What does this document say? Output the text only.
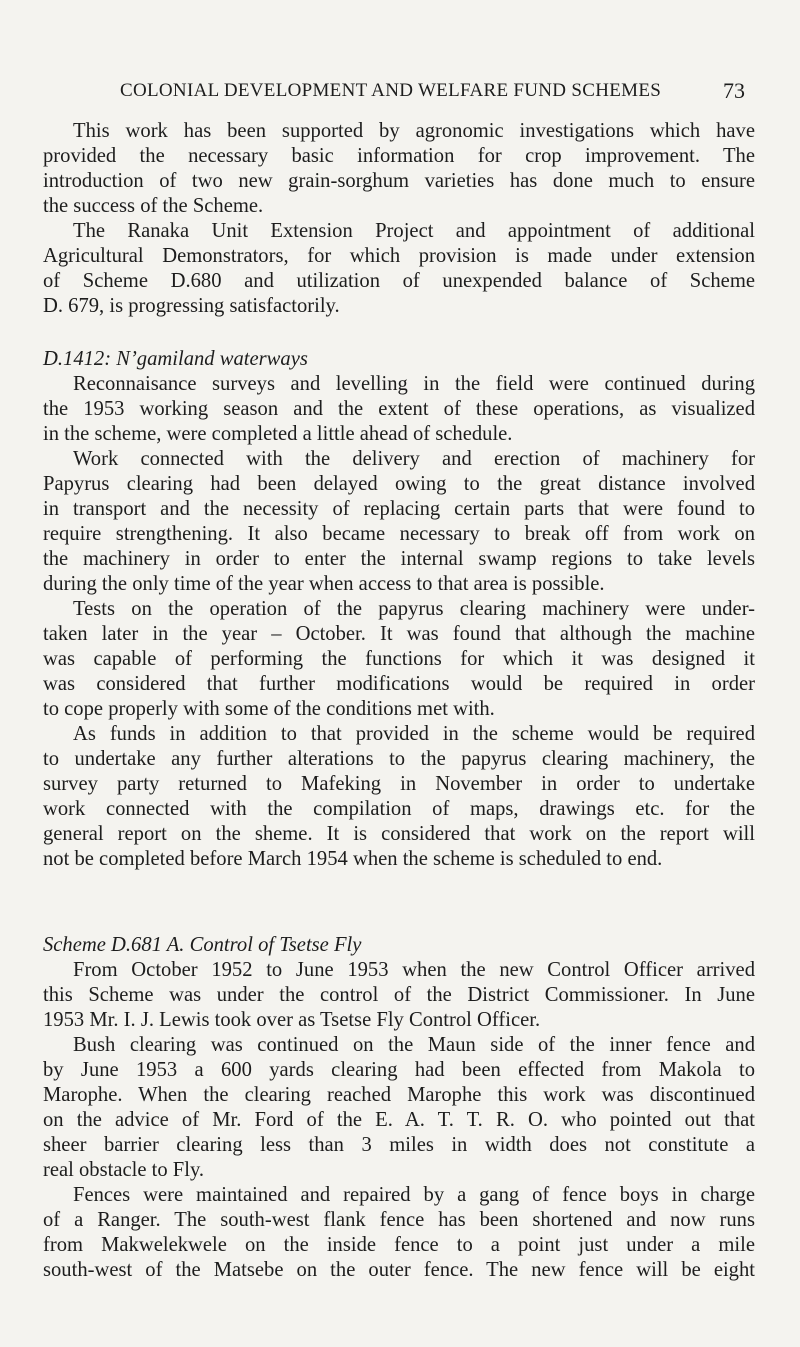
COLONIAL DEVELOPMENT AND WELFARE FUND SCHEMES	73
This work has been supported by agronomic investigations which have
provided the necessary basic information for crop improvement. The
introduction of two new grain-sorghum varieties has done much to ensure
the success of the Scheme.
The Ranaka Unit Extension Project and appointment of additional
Agricultural Demonstrators, for which provision is made under extension
of Scheme D.680 and utilization of unexpended balance of Scheme
D. 679, is progressing satisfactorily.
D.1412: N’gamiland waterways
Reconnaisance surveys and levelling in the field were continued during
the 1953 working season and the extent of these operations, as visualized
in the scheme, were completed a little ahead of schedule.
Work connected with the delivery and erection of machinery for
Papyrus clearing had been delayed owing to the great distance involved
in transport and the necessity of replacing certain parts that were found to
require strengthening. It also became necessary to break off from work on
the machinery in order to enter the internal swamp regions to take levels
during the only time of the year when access to that area is possible.
Tests on the operation of the papyrus clearing machinery were under-
taken later in the year – October. It was found that although the machine
was capable of performing the functions for which it was designed it
was considered that further modifications would be required in order
to cope properly with some of the conditions met with.
As funds in addition to that provided in the scheme would be required
to undertake any further alterations to the papyrus clearing machinery, the
survey party returned to Mafeking in November in order to undertake
work connected with the compilation of maps, drawings etc. for the
general report on the sheme. It is considered that work on the report will
not be completed before March 1954 when the scheme is scheduled to end.
Scheme D.681 A. Control of Tsetse Fly
From October 1952 to June 1953 when the new Control Officer arrived
this Scheme was under the control of the District Commissioner. In June
1953 Mr. I. J. Lewis took over as Tsetse Fly Control Officer.
Bush clearing was continued on the Maun side of the inner fence and
by June 1953 a 600 yards clearing had been effected from Makola to
Marophe. When the clearing reached Marophe this work was discontinued
on the advice of Mr. Ford of the E. A. T. T. R. O. who pointed out that
sheer barrier clearing less than 3 miles in width does not constitute a
real obstacle to Fly.
Fences were maintained and repaired by a gang of fence boys in charge
of a Ranger. The south-west flank fence has been shortened and now runs
from Makwelekwele on the inside fence to a point just under a mile
south-west of the Matsebe on the outer fence. The new fence will be eight
